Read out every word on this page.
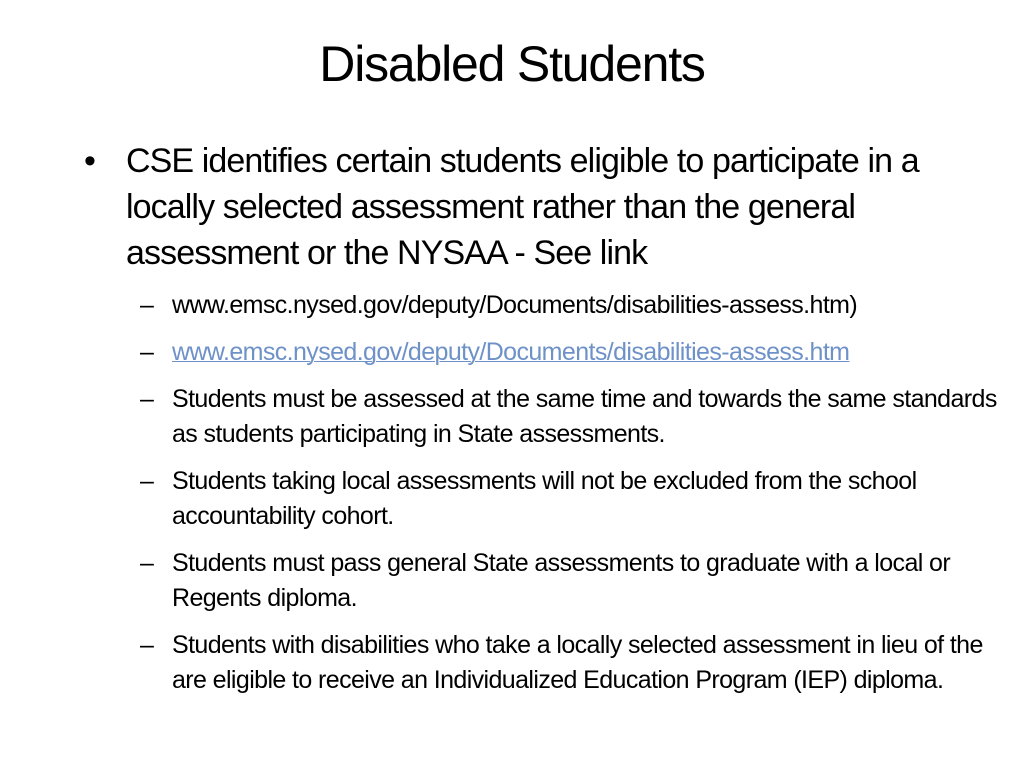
Disabled Students
• CSE identifies certain students eligible to participate in a locally selected assessment rather than the general assessment or the NYSAA - See link
– www.emsc.nysed.gov/deputy/Documents/disabilities-assess.htm)
– www.emsc.nysed.gov/deputy/Documents/disabilities-assess.htm
– Students must be assessed at the same time and towards the same standards as students participating in State assessments.
– Students taking local assessments will not be excluded from the school accountability cohort.
– Students must pass general State assessments to graduate with a local or Regents diploma.
– Students with disabilities who take a locally selected assessment in lieu of the are eligible to receive an Individualized Education Program (IEP) diploma.
